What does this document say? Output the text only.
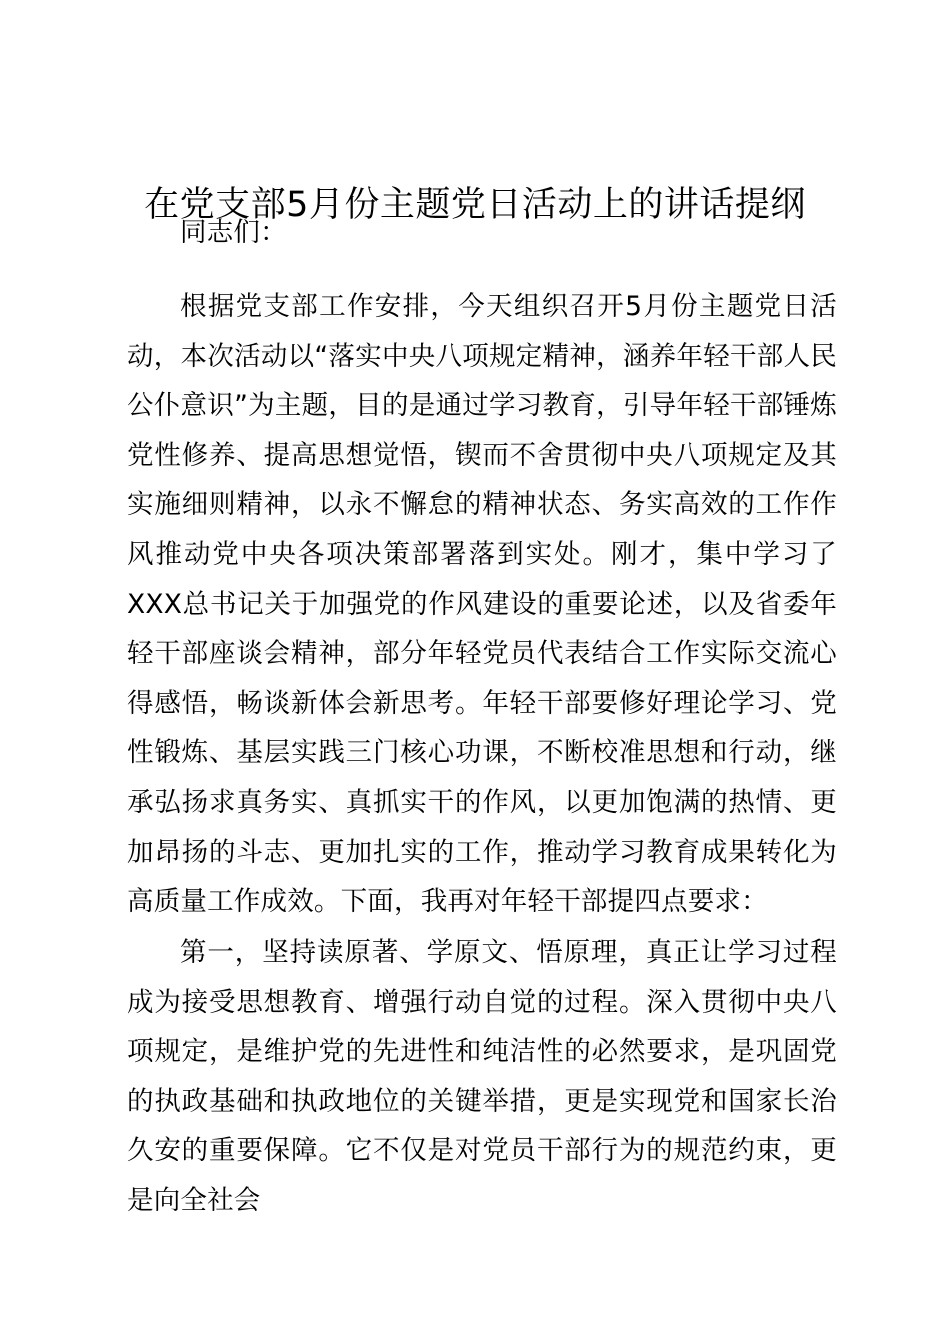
在党支部5月份主题党日活动上的讲话提纲

同志们：

根据党支部工作安排，今天组织召开5月份主题党日活动，本次活动以“落实中央八项规定精神，涵养年轻干部人民公仆意识”为主题，目的是通过学习教育，引导年轻干部锤炼党性修养、提高思想觉悟，锲而不舍贯彻中央八项规定及其实施细则精神，以永不懈怠的精神状态、务实高效的工作作风推动党中央各项决策部署落到实处。刚才，集中学习了XXX总书记关于加强党的作风建设的重要论述，以及省委年轻干部座谈会精神，部分年轻党员代表结合工作实际交流心得感悟，畅谈新体会新思考。年轻干部要修好理论学习、党性锻炼、基层实践三门核心功课，不断校准思想和行动，继承弘扬求真务实、真抓实干的作风，以更加饱满的热情、更加昂扬的斗志、更加扎实的工作，推动学习教育成果转化为高质量工作成效。下面，我再对年轻干部提四点要求：

第一，坚持读原著、学原文、悟原理，真正让学习过程成为接受思想教育、增强行动自觉的过程。深入贯彻中央八项规定，是维护党的先进性和纯洁性的必然要求，是巩固党的执政基础和执政地位的关键举措，更是实现党和国家长治久安的重要保障。它不仅是对党员干部行为的规范约束，更是向全社会
